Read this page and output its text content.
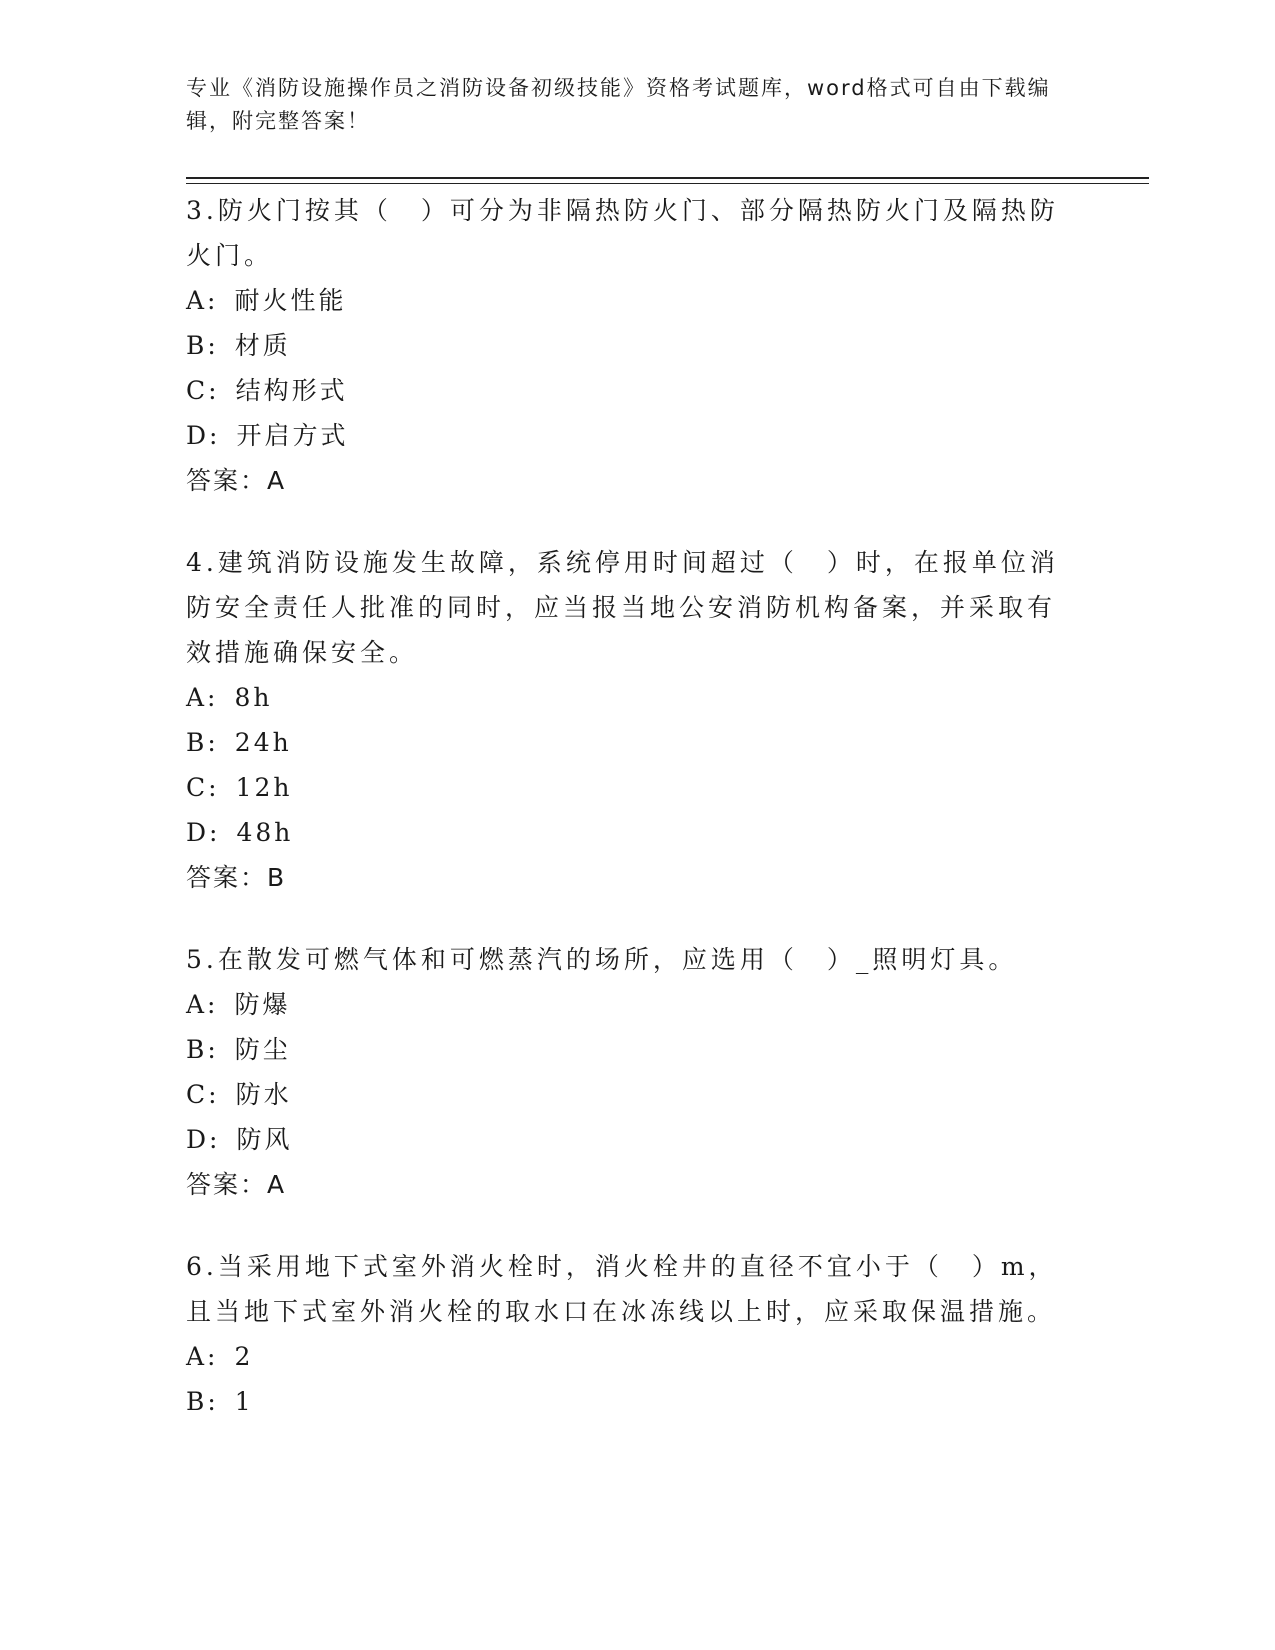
专业《消防设施操作员之消防设备初级技能》资格考试题库，word格式可自由下载编辑，附完整答案！
3.防火门按其（　）可分为非隔热防火门、部分隔热防火门及隔热防火门。
A: 耐火性能
B: 材质
C: 结构形式
D: 开启方式
答案：A
4.建筑消防设施发生故障，系统停用时间超过（　）时，在报单位消防安全责任人批准的同时，应当报当地公安消防机构备案，并采取有效措施确保安全。
A: 8h
B: 24h
C: 12h
D: 48h
答案：B
5.在散发可燃气体和可燃蒸汽的场所，应选用（　）_照明灯具。
A: 防爆
B: 防尘
C: 防水
D: 防风
答案：A
6.当采用地下式室外消火栓时，消火栓井的直径不宜小于（　）m，且当地下式室外消火栓的取水口在冰冻线以上时，应采取保温措施。
A: 2
B: 1
